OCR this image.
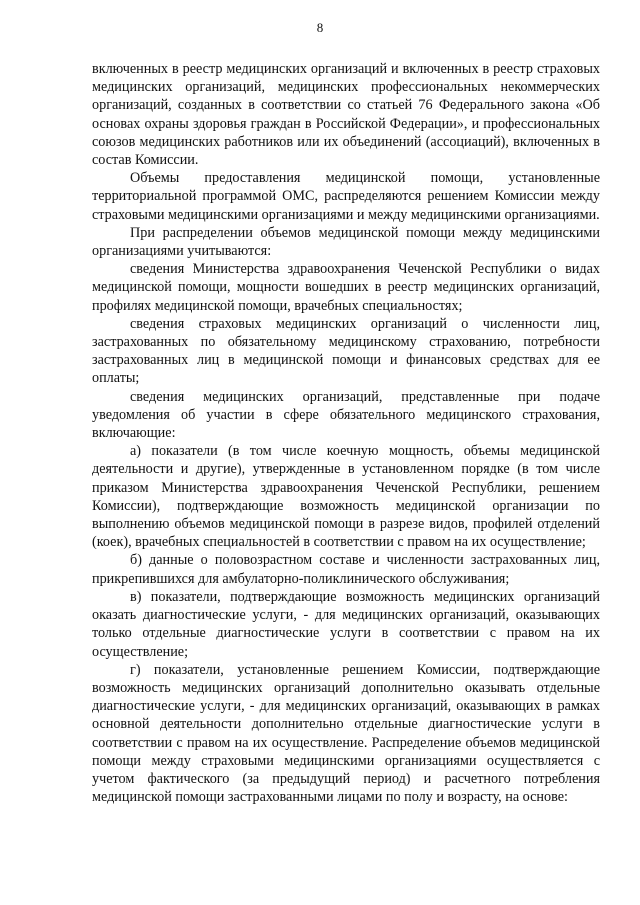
8

включенных в реестр медицинских организаций и включенных в реестр страховых медицинских организаций, медицинских профессиональных некоммерческих организаций, созданных в соответствии со статьей 76 Федерального закона «Об основах охраны здоровья граждан в Российской Федерации», и профессиональных союзов медицинских работников или их объединений (ассоциаций), включенных в состав Комиссии.

Объемы предоставления медицинской помощи, установленные территориальной программой ОМС, распределяются решением Комиссии между страховыми медицинскими организациями и между медицинскими организациями.

При распределении объемов медицинской помощи между медицинскими организациями учитываются:

сведения Министерства здравоохранения Чеченской Республики о видах медицинской помощи, мощности вошедших в реестр медицинских организаций, профилях медицинской помощи, врачебных специальностях;

сведения страховых медицинских организаций о численности лиц, застрахованных по обязательному медицинскому страхованию, потребности застрахованных лиц в медицинской помощи и финансовых средствах для ее оплаты;

сведения медицинских организаций, представленные при подаче уведомления об участии в сфере обязательного медицинского страхования, включающие:

а) показатели (в том числе коечную мощность, объемы медицинской деятельности и другие), утвержденные в установленном порядке (в том числе приказом Министерства здравоохранения Чеченской Республики, решением Комиссии), подтверждающие возможность медицинской организации по выполнению объемов медицинской помощи в разрезе видов, профилей отделений (коек), врачебных специальностей в соответствии с правом на их осуществление;

б) данные о половозрастном составе и численности застрахованных лиц, прикрепившихся для амбулаторно-поликлинического обслуживания;

в) показатели, подтверждающие возможность медицинских организаций оказать диагностические услуги, - для медицинских организаций, оказывающих только отдельные диагностические услуги в соответствии с правом на их осуществление;

г) показатели, установленные решением Комиссии, подтверждающие возможность медицинских организаций дополнительно оказывать отдельные диагностические услуги, - для медицинских организаций, оказывающих в рамках основной деятельности дополнительно отдельные диагностические услуги в соответствии с правом на их осуществление. Распределение объемов медицинской помощи между страховыми медицинскими организациями осуществляется с учетом фактического (за предыдущий период) и расчетного потребления медицинской помощи застрахованными лицами по полу и возрасту, на основе:
